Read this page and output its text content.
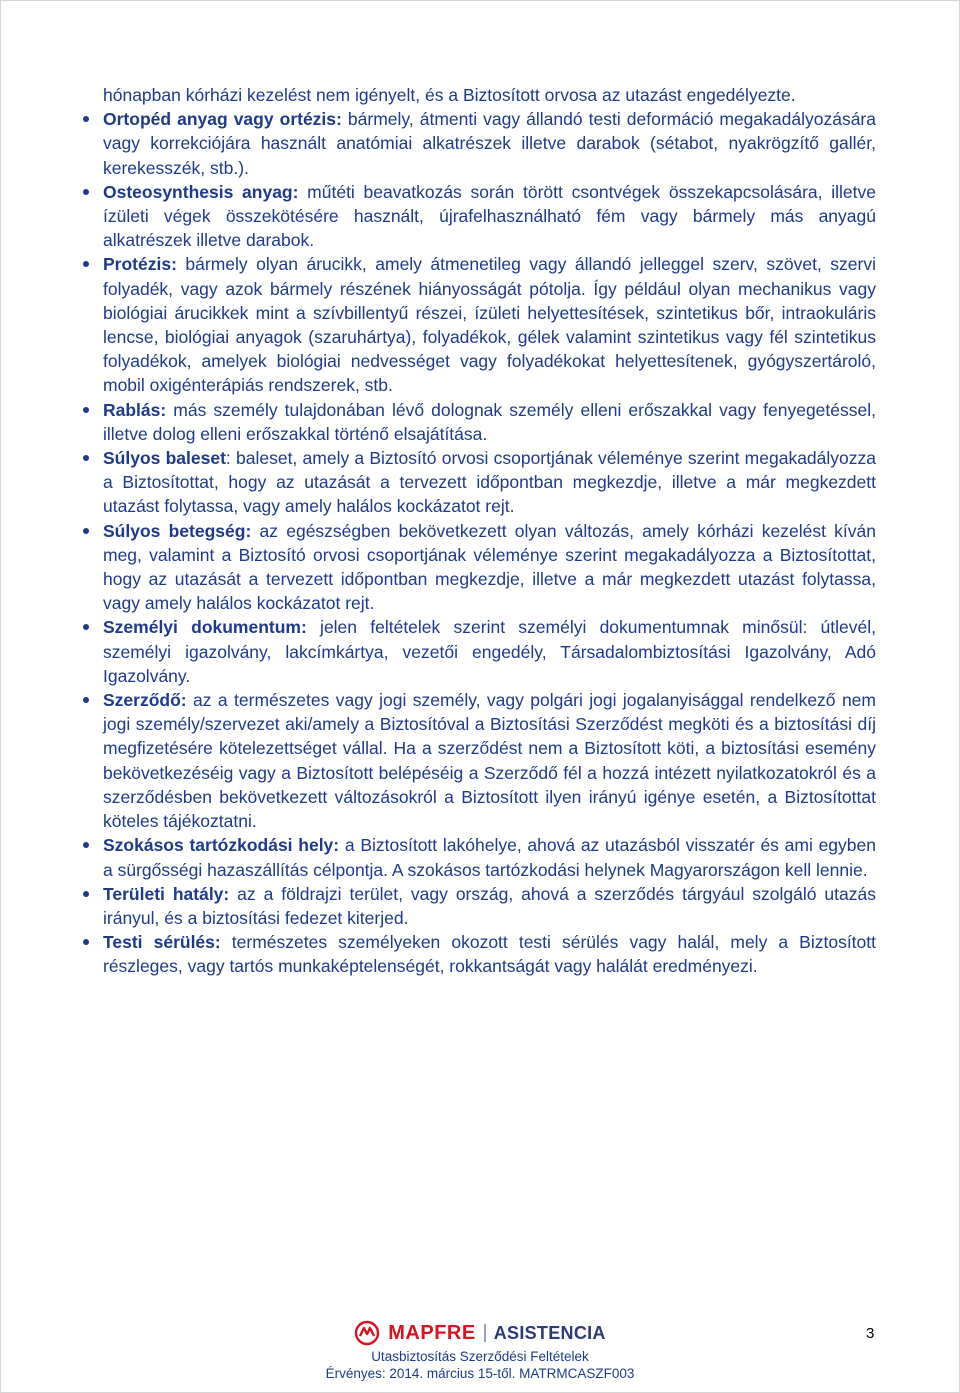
hónapban kórházi kezelést nem igényelt, és a Biztosított orvosa az utazást engedélyezte.

Ortopéd anyag vagy ortézis: bármely, átmenti vagy állandó testi deformáció megakadályozására vagy korrekciójára használt anatómiai alkatrészek illetve darabok (sétabot, nyakrögzítő gallér, kerekesszék, stb.).
Osteosynthesis anyag: műtéti beavatkozás során törött csontvégek összekapcsolására, illetve ízületi végek összekötésére használt, újrafelhasználható fém vagy bármely más anyagú alkatrészek illetve darabok.
Protézis: bármely olyan árucikk, amely átmenetileg vagy állandó jelleggel szerv, szövet, szervi folyadék, vagy azok bármely részének hiányosságát pótolja. Így például olyan mechanikus vagy biológiai árucikkek mint a szívbillentyű részei, ízületi helyettesítések, szintetikus bőr, intraokuláris lencse, biológiai anyagok (szaruhártya), folyadékok, gélek valamint szintetikus vagy fél szintetikus folyadékok, amelyek biológiai nedvességet vagy folyadékokat helyettesítenek, gyógyszertároló, mobil oxigénterápiás rendszerek, stb.
Rablás: más személy tulajdonában lévő dolognak személy elleni erőszakkal vagy fenyegetéssel, illetve dolog elleni erőszakkal történő elsajátítása.
Súlyos baleset: baleset, amely a Biztosító orvosi csoportjának véleménye szerint megakadályozza a Biztosítottat, hogy az utazását a tervezett időpontban megkezdje, illetve a már megkezdett utazást folytassa, vagy amely halálos kockázatot rejt.
Súlyos betegség: az egészségben bekövetkezett olyan változás, amely kórházi kezelést kíván meg, valamint a Biztosító orvosi csoportjának véleménye szerint megakadályozza a Biztosítottat, hogy az utazását a tervezett időpontban megkezdje, illetve a már megkezdett utazást folytassa, vagy amely halálos kockázatot rejt.
Személyi dokumentum: jelen feltételek szerint személyi dokumentumnak minősül: útlevél, személyi igazolvány, lakcímkártya, vezetői engedély, Társadalombiztosítási Igazolvány, Adó Igazolvány.
Szerződő: az a természetes vagy jogi személy, vagy polgári jogi jogalanyisággal rendelkező nem jogi személy/szervezet aki/amely a Biztosítóval a Biztosítási Szerződést megköti és a biztosítási díj megfizetésére kötelezettséget vállal. Ha a szerződést nem a Biztosított köti, a biztosítási esemény bekövetkezéséig vagy a Biztosított belépéséig a Szerződő fél a hozzá intézett nyilatkozatokról és a szerződésben bekövetkezett változásokról a Biztosított ilyen irányú igénye esetén, a Biztosítottat köteles tájékoztatni.
Szokásos tartózkodási hely: a Biztosított lakóhelye, ahová az utazásból visszatér és ami egyben a sürgősségi hazaszállítás célpontja. A szokásos tartózkodási helynek Magyarországon kell lennie.
Területi hatály: az a földrajzi terület, vagy ország, ahová a szerződés tárgyául szolgáló utazás irányul, és a biztosítási fedezet kiterjed.
Testi sérülés: természetes személyeken okozott testi sérülés vagy halál, mely a Biztosított részleges, vagy tartós munkaképtelenségét, rokkantságát vagy halálát eredményezi.
MAPFRE ASISTENCIA
Utasbiztosítás Szerződési Feltételek
Érvényes: 2014. március 15-től. MATRMCASZF003
3
